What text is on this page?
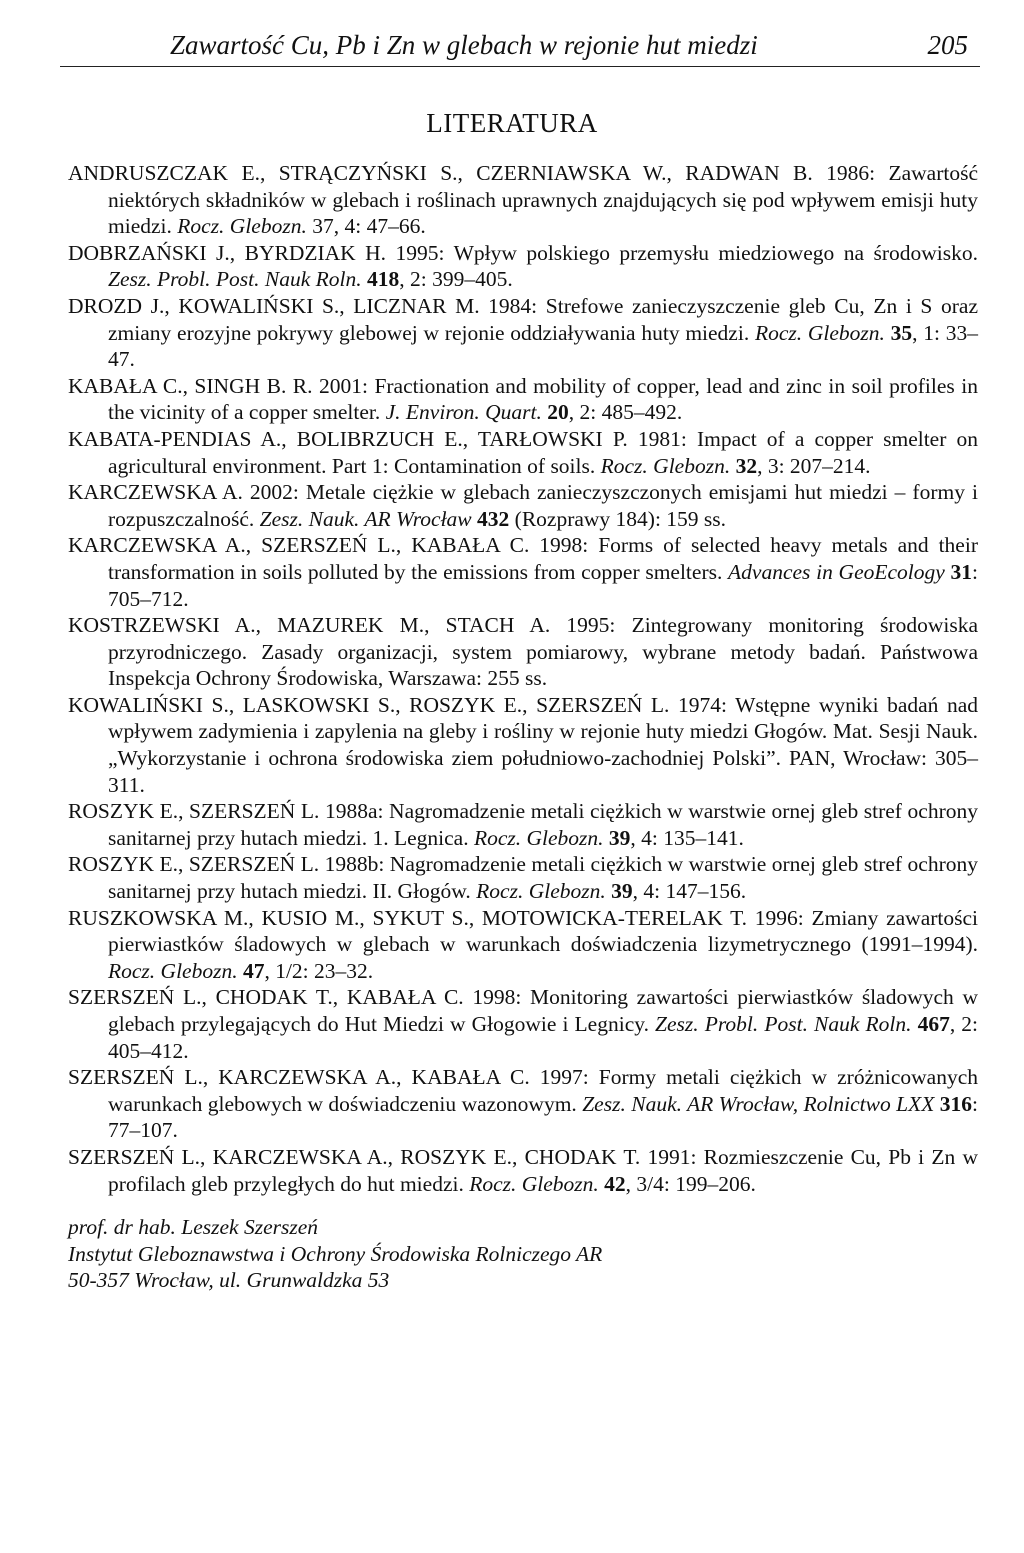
Zawartość Cu, Pb i Zn w glebach w rejonie hut miedzi	205
LITERATURA

ANDRUSZCZAK E., STRĄCZYŃSKI S., CZERNIAWSKA W., RADWAN B. 1986: Zawartość niektórych składników w glebach i roślinach uprawnych znajdujących się pod wpływem emisji huty miedzi. Rocz. Glebozn. 37, 4: 47–66.

DOBRZAŃSKI J., BYRDZIAK H. 1995: Wpływ polskiego przemysłu miedziowego na środowisko. Zesz. Probl. Post. Nauk Roln. 418, 2: 399–405.

DROZD J., KOWALIŃSKI S., LICZNAR M. 1984: Strefowe zanieczyszczenie gleb Cu, Zn i S oraz zmiany erozyjne pokrywy glebowej w rejonie oddziaływania huty miedzi. Rocz. Glebozn. 35, 1: 33–47.

KABAŁA C., SINGH B. R. 2001: Fractionation and mobility of copper, lead and zinc in soil profiles in the vicinity of a copper smelter. J. Environ. Quart. 20, 2: 485–492.

KABATA-PENDIAS A., BOLIBRZUCH E., TARŁOWSKI P. 1981: Impact of a copper smelter on agricultural environment. Part 1: Contamination of soils. Rocz. Glebozn. 32, 3: 207–214.

KARCZEWSKA A. 2002: Metale ciężkie w glebach zanieczyszczonych emisjami hut miedzi – formy i rozpuszczalność. Zesz. Nauk. AR Wrocław 432 (Rozprawy 184): 159 ss.

KARCZEWSKA A., SZERSZEŃ L., KABAŁA C. 1998: Forms of selected heavy metals and their transformation in soils polluted by the emissions from copper smelters. Advances in GeoEcology 31: 705–712.

KOSTRZEWSKI A., MAZUREK M., STACH A. 1995: Zintegrowany monitoring środowiska przyrodniczego. Zasady organizacji, system pomiarowy, wybrane metody badań. Państwowa Inspekcja Ochrony Środowiska, Warszawa: 255 ss.

KOWALIŃSKI S., LASKOWSKI S., ROSZYK E., SZERSZEŃ L. 1974: Wstępne wyniki badań nad wpływem zadymienia i zapylenia na gleby i rośliny w rejonie huty miedzi Głogów. Mat. Sesji Nauk. „Wykorzystanie i ochrona środowiska ziem południowo-zachodniej Polski”. PAN, Wrocław: 305–311.

ROSZYK E., SZERSZEŃ L. 1988a: Nagromadzenie metali ciężkich w warstwie ornej gleb stref ochrony sanitarnej przy hutach miedzi. 1. Legnica. Rocz. Glebozn. 39, 4: 135–141.

ROSZYK E., SZERSZEŃ L. 1988b: Nagromadzenie metali ciężkich w warstwie ornej gleb stref ochrony sanitarnej przy hutach miedzi. II. Głogów. Rocz. Glebozn. 39, 4: 147–156.

RUSZKOWSKA M., KUSIO M., SYKUT S., MOTOWICKA-TERELAK T. 1996: Zmiany zawartości pierwiastków śladowych w glebach w warunkach doświadczenia lizymetrycznego (1991–1994). Rocz. Glebozn. 47, 1/2: 23–32.

SZERSZEŃ L., CHODAK T., KABAŁA C. 1998: Monitoring zawartości pierwiastków śladowych w glebach przylegających do Hut Miedzi w Głogowie i Legnicy. Zesz. Probl. Post. Nauk Roln. 467, 2: 405–412.

SZERSZEŃ L., KARCZEWSKA A., KABAŁA C. 1997: Formy metali ciężkich w zróżnicowanych warunkach glebowych w doświadczeniu wazonowym. Zesz. Nauk. AR Wrocław, Rolnictwo LXX 316: 77–107.

SZERSZEŃ L., KARCZEWSKA A., ROSZYK E., CHODAK T. 1991: Rozmieszczenie Cu, Pb i Zn w profilach gleb przyległych do hut miedzi. Rocz. Glebozn. 42, 3/4: 199–206.

prof. dr hab. Leszek Szerszeń
Instytut Gleboznawstwa i Ochrony Środowiska Rolniczego AR
50-357 Wrocław, ul. Grunwaldzka 53
